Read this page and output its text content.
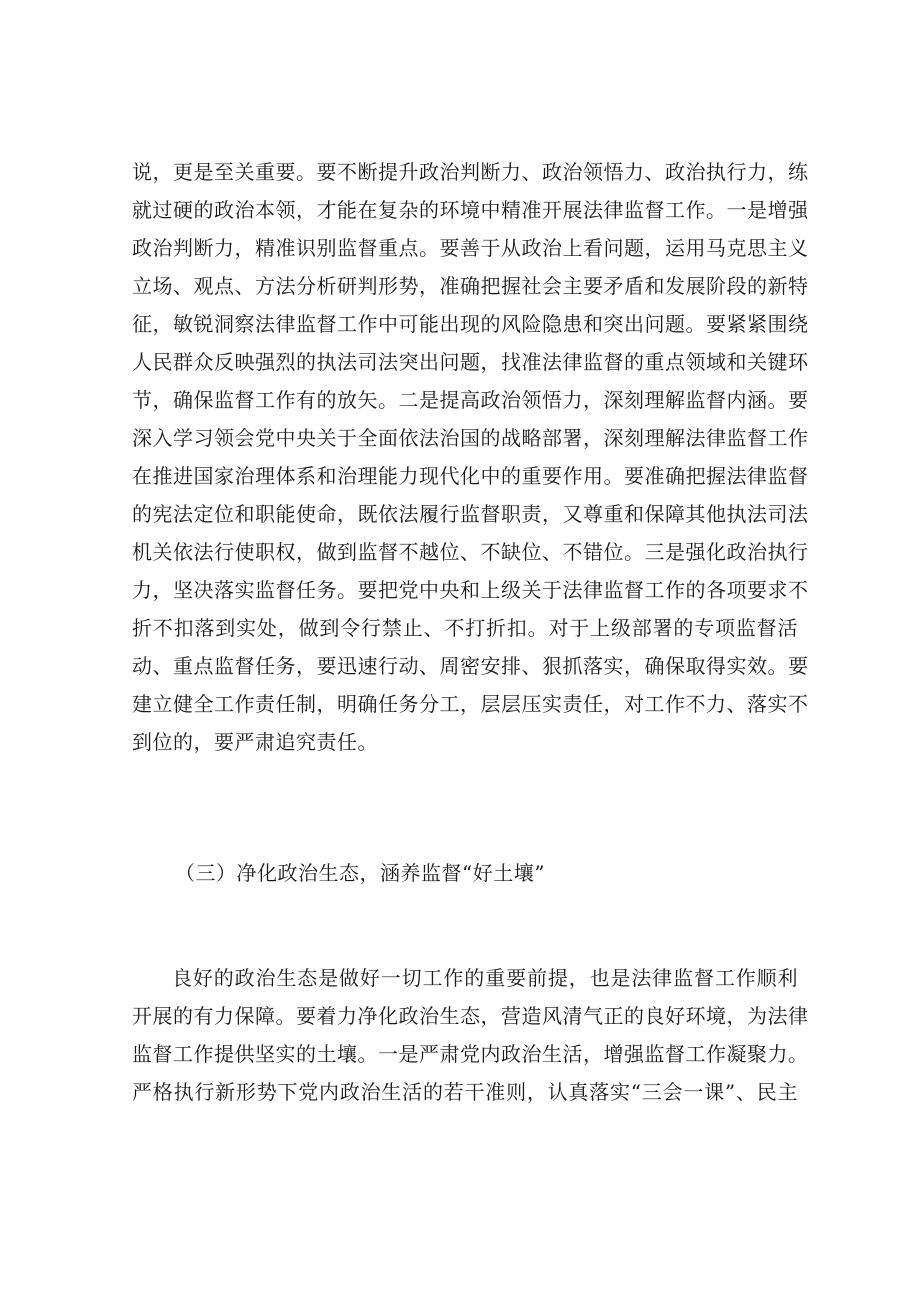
说，更是至关重要。要不断提升政治判断力、政治领悟力、政治执行力，练
就过硬的政治本领，才能在复杂的环境中精准开展法律监督工作。一是增强
政治判断力，精准识别监督重点。要善于从政治上看问题，运用马克思主义
立场、观点、方法分析研判形势，准确把握社会主要矛盾和发展阶段的新特
征，敏锐洞察法律监督工作中可能出现的风险隐患和突出问题。要紧紧围绕
人民群众反映强烈的执法司法突出问题，找准法律监督的重点领域和关键环
节，确保监督工作有的放矢。二是提高政治领悟力，深刻理解监督内涵。要
深入学习领会党中央关于全面依法治国的战略部署，深刻理解法律监督工作
在推进国家治理体系和治理能力现代化中的重要作用。要准确把握法律监督
的宪法定位和职能使命，既依法履行监督职责，又尊重和保障其他执法司法
机关依法行使职权，做到监督不越位、不缺位、不错位。三是强化政治执行
力，坚决落实监督任务。要把党中央和上级关于法律监督工作的各项要求不
折不扣落到实处，做到令行禁止、不打折扣。对于上级部署的专项监督活
动、重点监督任务，要迅速行动、周密安排、狠抓落实，确保取得实效。要
建立健全工作责任制，明确任务分工，层层压实责任，对工作不力、落实不
到位的，要严肃追究责任。
（三）净化政治生态，涵养监督“好土壤”
良好的政治生态是做好一切工作的重要前提，也是法律监督工作顺利
开展的有力保障。要着力净化政治生态，营造风清气正的良好环境，为法律
监督工作提供坚实的土壤。一是严肃党内政治生活，增强监督工作凝聚力。
严格执行新形势下党内政治生活的若干准则，认真落实“三会一课”、民主
